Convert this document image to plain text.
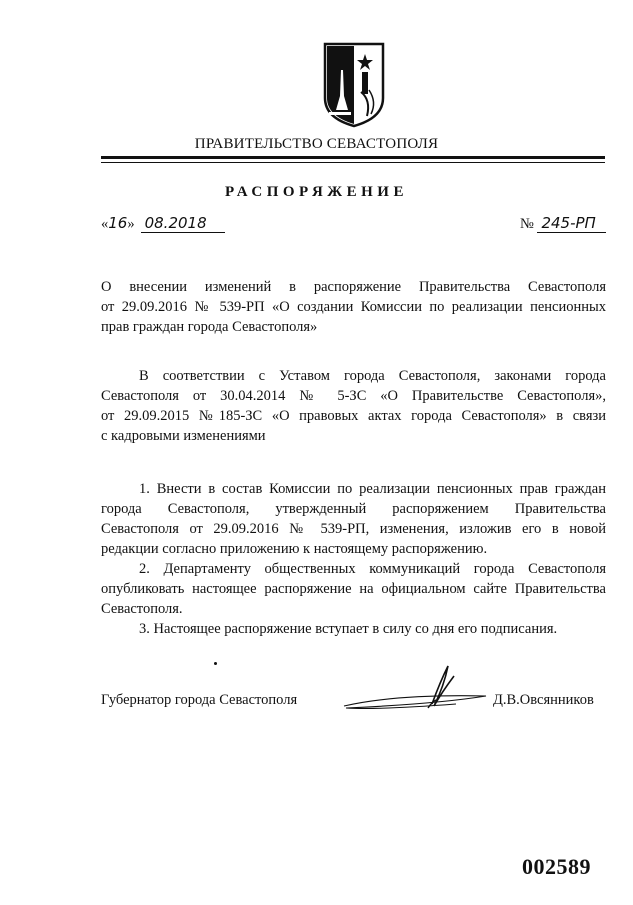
ПРАВИТЕЛЬСТВО СЕВАСТОПОЛЯ
РАСПОРЯЖЕНИЕ
«16» 08.2018	№ 245-РП
О внесении изменений в распоряжение Правительства Севастополя
от 29.09.2016 № 539-РП «О создании Комиссии по реализации пенсионных
прав граждан города Севастополя»
В соответствии с Уставом города Севастополя, законами города
Севастополя от 30.04.2014 № 5-ЗС «О Правительстве Севастополя»,
от 29.09.2015 №185-ЗС «О правовых актах города Севастополя» в связи
с кадровыми изменениями
1. Внести в состав Комиссии по реализации пенсионных прав граждан
города Севастополя, утвержденный распоряжением Правительства
Севастополя от 29.09.2016 № 539-РП, изменения, изложив его в новой
редакции согласно приложению к настоящему распоряжению.
2. Департаменту общественных коммуникаций города Севастополя
опубликовать настоящее распоряжение на официальном сайте Правительства
Севастополя.
3. Настоящее распоряжение вступает в силу со дня его подписания.
Губернатор города Севастополя	Д.В.Овсянников
002589
